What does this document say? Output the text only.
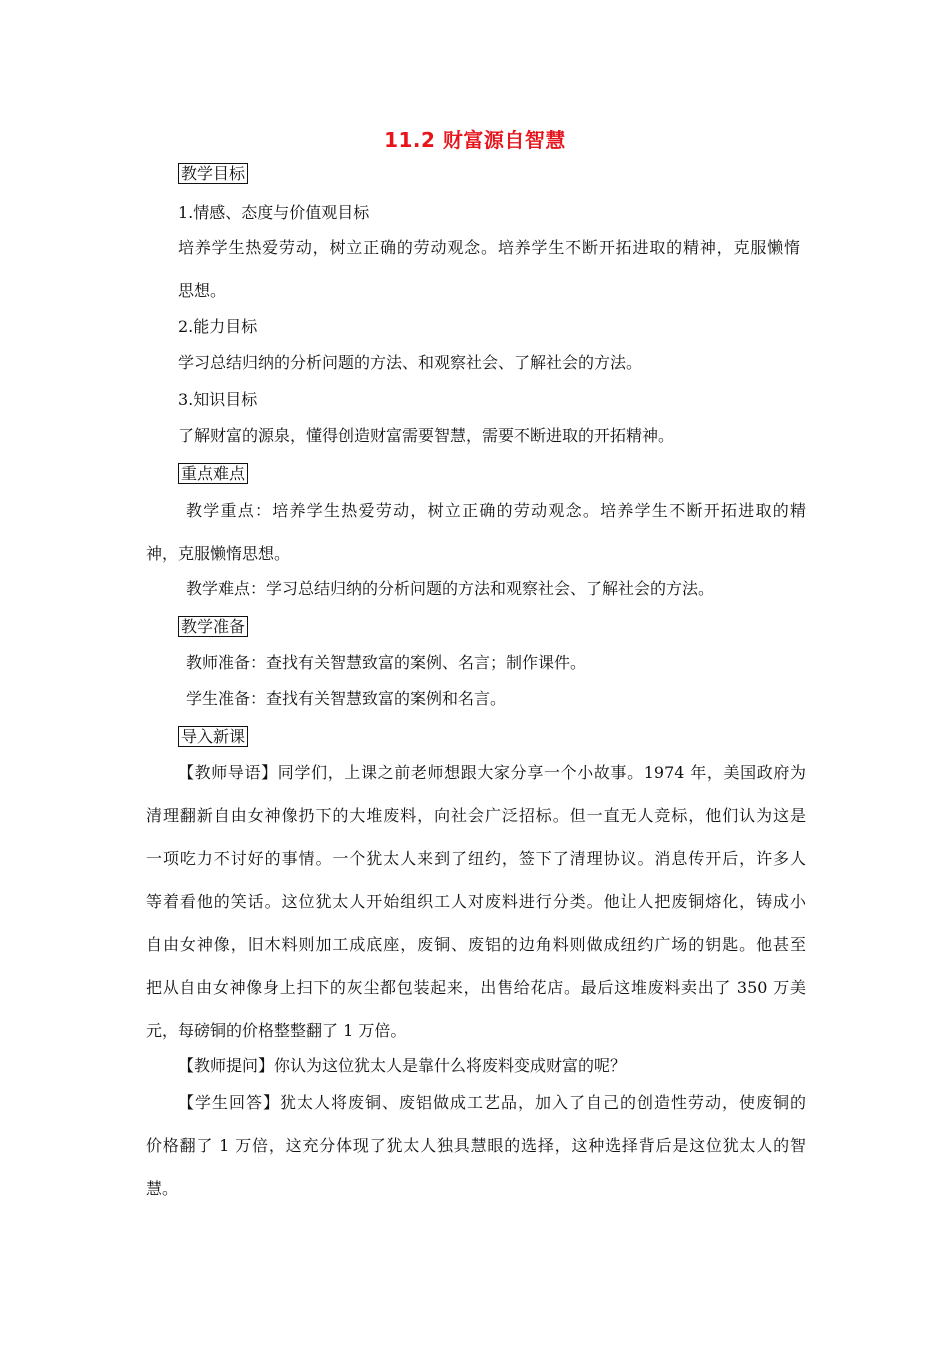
11.2 财富源自智慧
教学目标
1.情感、态度与价值观目标
培养学生热爱劳动，树立正确的劳动观念。培养学生不断开拓进取的精神，克服懒惰
思想。
2.能力目标
学习总结归纳的分析问题的方法、和观察社会、了解社会的方法。
3.知识目标
了解财富的源泉，懂得创造财富需要智慧，需要不断进取的开拓精神。
重点难点
教学重点：培养学生热爱劳动，树立正确的劳动观念。培养学生不断开拓进取的精
神，克服懒惰思想。
教学难点：学习总结归纳的分析问题的方法和观察社会、了解社会的方法。
教学准备
教师准备：查找有关智慧致富的案例、名言；制作课件。
学生准备：查找有关智慧致富的案例和名言。
导入新课
【教师导语】同学们，上课之前老师想跟大家分享一个小故事。1974 年，美国政府为
清理翻新自由女神像扔下的大堆废料，向社会广泛招标。但一直无人竞标，他们认为这是
一项吃力不讨好的事情。一个犹太人来到了纽约，签下了清理协议。消息传开后，许多人
等着看他的笑话。这位犹太人开始组织工人对废料进行分类。他让人把废铜熔化，铸成小
自由女神像，旧木料则加工成底座，废铜、废铝的边角料则做成纽约广场的钥匙。他甚至
把从自由女神像身上扫下的灰尘都包装起来，出售给花店。最后这堆废料卖出了 350 万美
元，每磅铜的价格整整翻了 1 万倍。
【教师提问】你认为这位犹太人是靠什么将废料变成财富的呢？
【学生回答】犹太人将废铜、废铝做成工艺品，加入了自己的创造性劳动，使废铜的
价格翻了 1 万倍，这充分体现了犹太人独具慧眼的选择，这种选择背后是这位犹太人的智
慧。
